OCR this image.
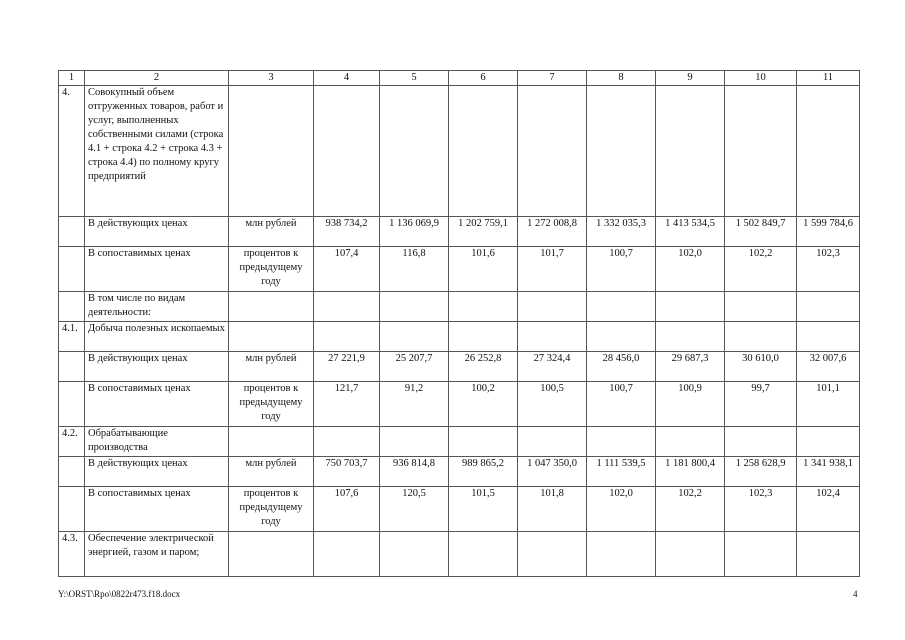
1	2	3	4	5	6	7	8	9	10	11
4.	Совокупный объем отгруженных товаров, работ и услуг, выполненных собственными силами (строка 4.1 + строка 4.2 + строка 4.3 + строка 4.4) по полному кругу предприятий									
	В действующих ценах	млн рублей	938 734,2	1 136 069,9	1 202 759,1	1 272 008,8	1 332 035,3	1 413 534,5	1 502 849,7	1 599 784,6
	В сопоставимых ценах	процентов к предыдущему году	107,4	116,8	101,6	101,7	100,7	102,0	102,2	102,3
	В том числе по видам деятельности:									
4.1.	Добыча полезных ископаемых									
	В действующих ценах	млн рублей	27 221,9	25 207,7	26 252,8	27 324,4	28 456,0	29 687,3	30 610,0	32 007,6
	В сопоставимых ценах	процентов к предыдущему году	121,7	91,2	100,2	100,5	100,7	100,9	99,7	101,1
4.2.	Обрабатывающие производства									
	В действующих ценах	млн рублей	750 703,7	936 814,8	989 865,2	1 047 350,0	1 111 539,5	1 181 800,4	1 258 628,9	1 341 938,1
	В сопоставимых ценах	процентов к предыдущему году	107,6	120,5	101,5	101,8	102,0	102,2	102,3	102,4
4.3.	Обеспечение электрической энергией, газом и паром;									
Y:\ORST\Rpo\0822r473.f18.docx	4
